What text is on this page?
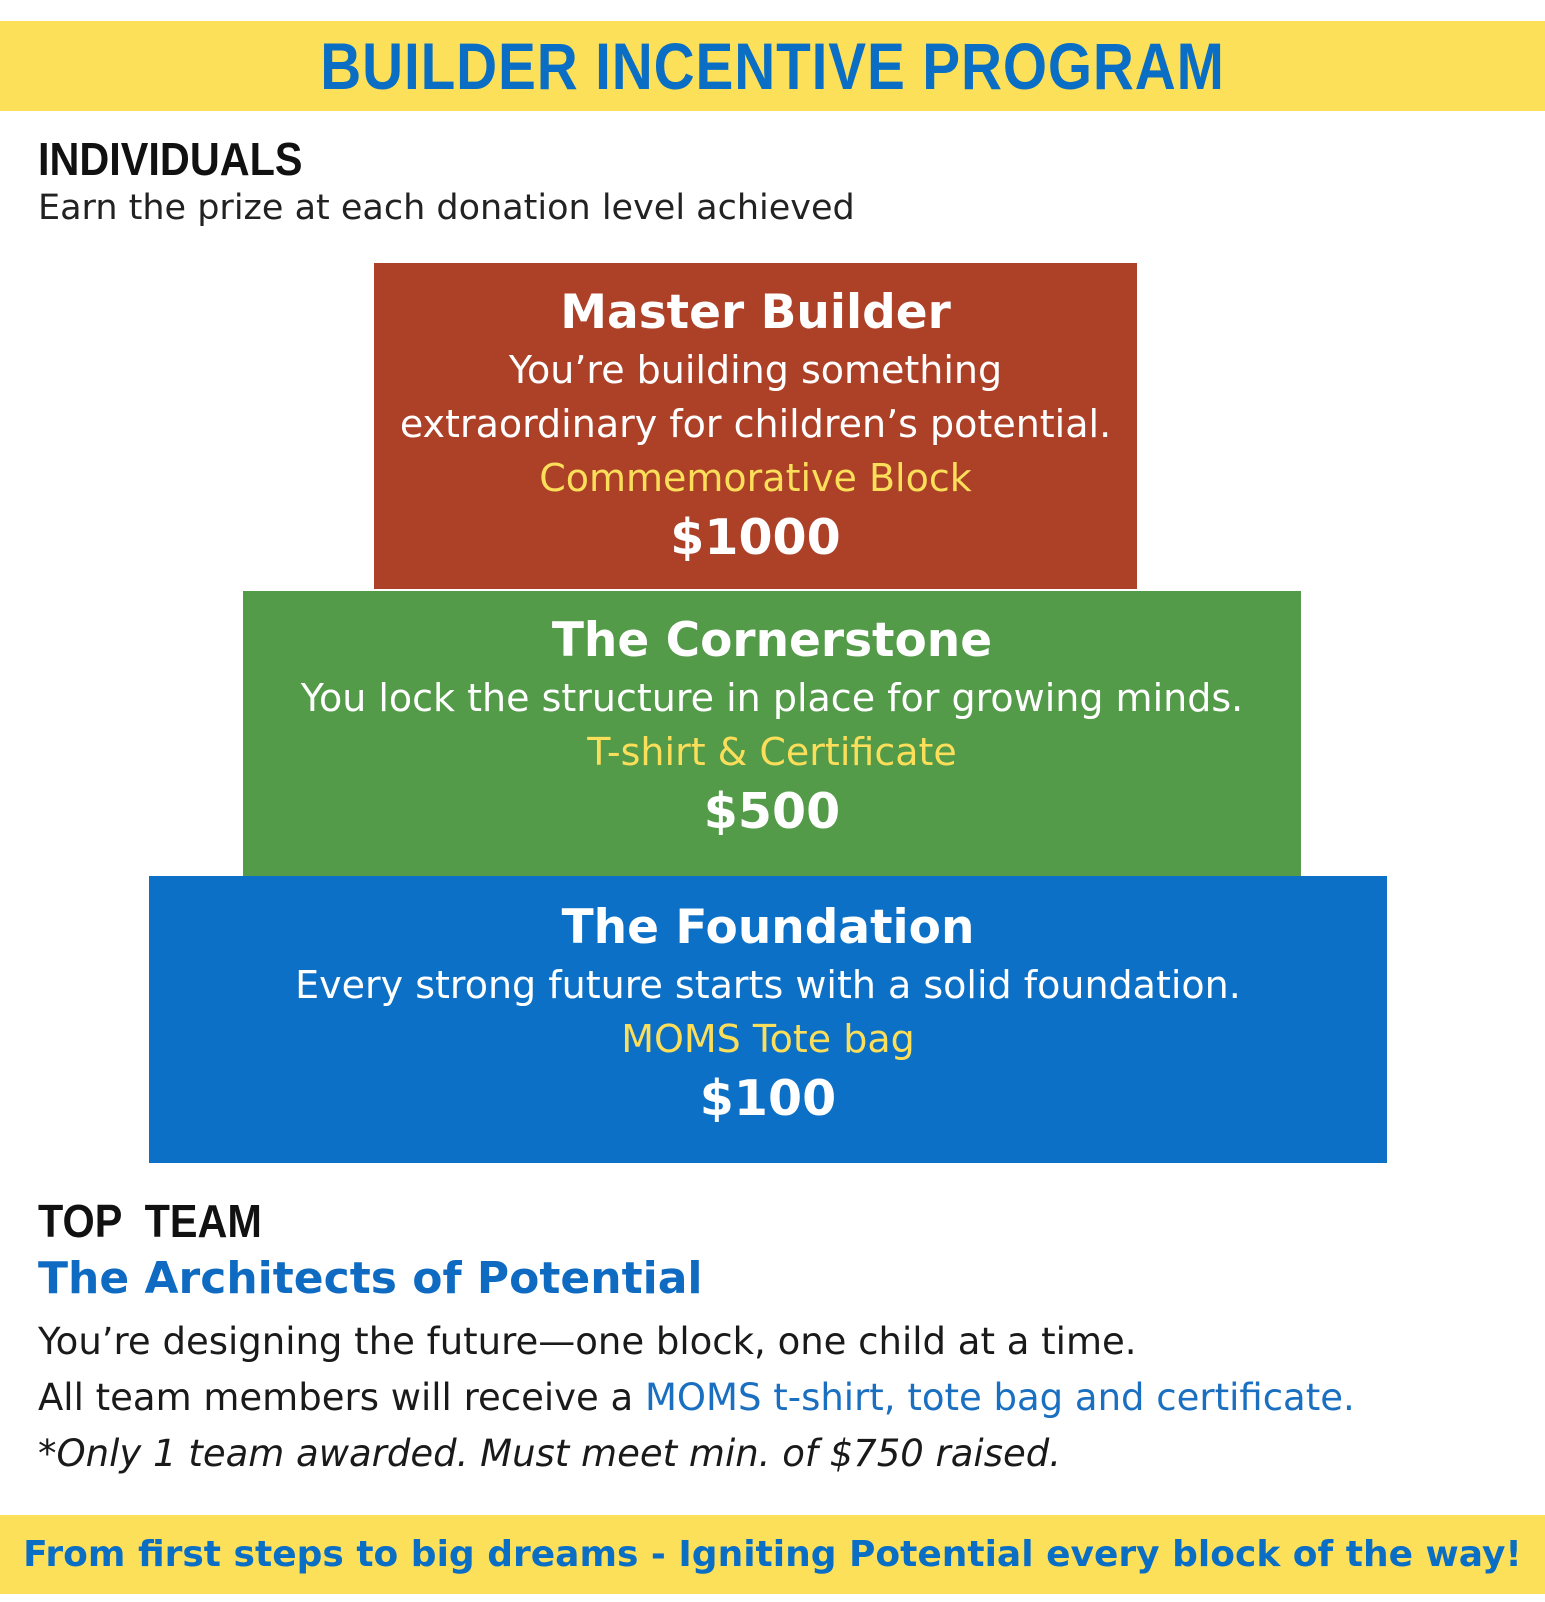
BUILDER INCENTIVE PROGRAM
INDIVIDUALS
Earn the prize at each donation level achieved
Master Builder
You’re building something extraordinary for children’s potential.
Commemorative Block
$1000
The Cornerstone
You lock the structure in place for growing minds.
T-shirt & Certificate
$500
The Foundation
Every strong future starts with a solid foundation.
MOMS Tote bag
$100
TOP  TEAM
The Architects of Potential
You’re designing the future—one block, one child at a time.
All team members will receive a MOMS t-shirt, tote bag and certificate.
*Only 1 team awarded. Must meet min. of $750 raised.
From first steps to big dreams - Igniting Potential every block of the way!
